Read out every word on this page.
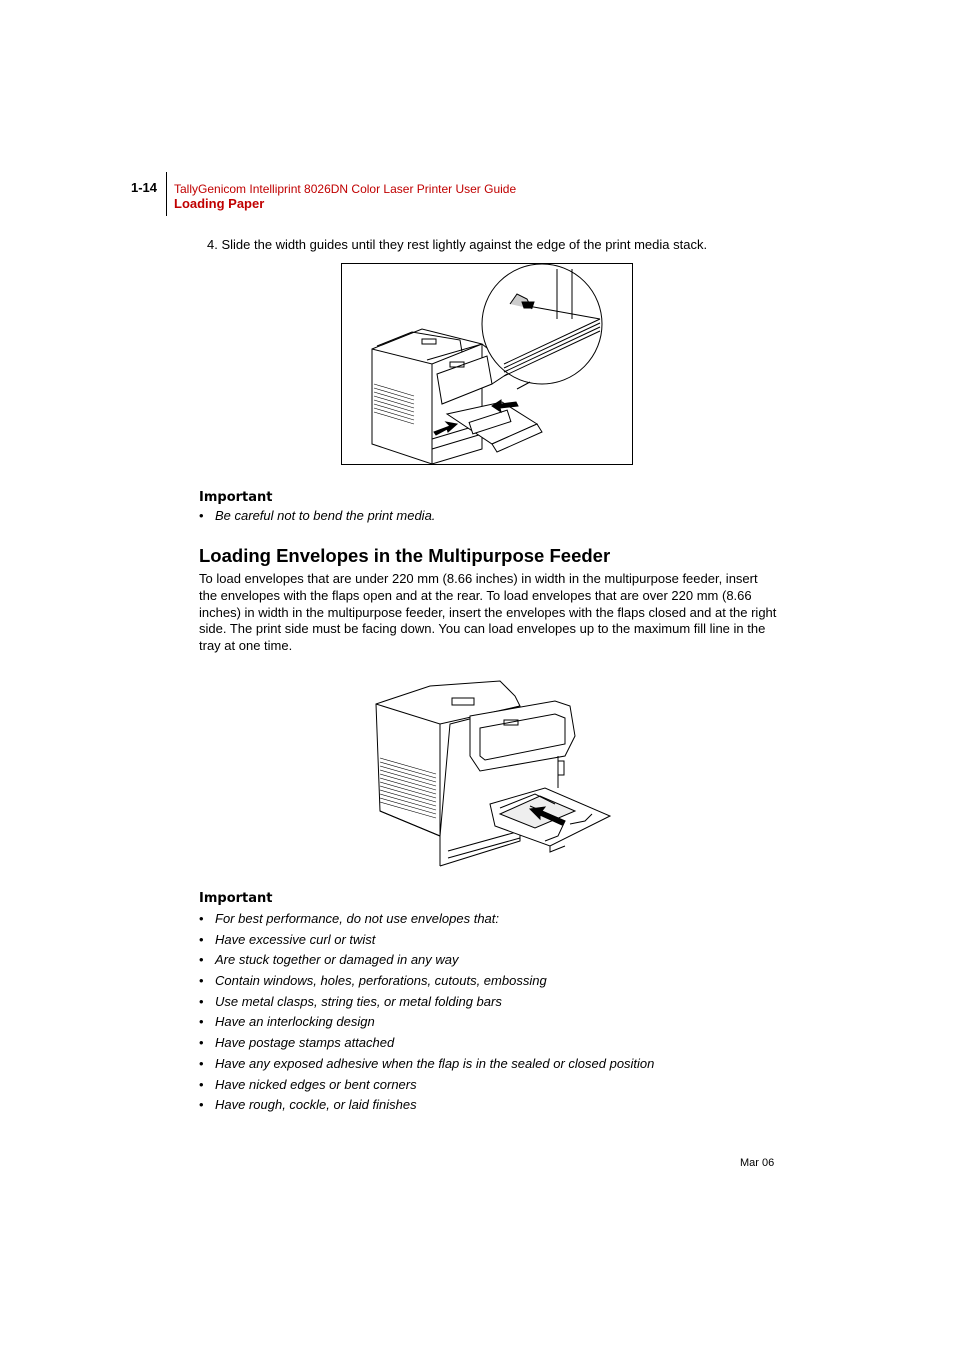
1-14 TallyGenicom Intelliprint 8026DN Color Laser Printer User Guide
Loading Paper
4. Slide the width guides until they rest lightly against the edge of the print media stack.
Important
• Be careful not to bend the print media.
Loading Envelopes in the Multipurpose Feeder
To load envelopes that are under 220 mm (8.66 inches) in width in the multipurpose feeder, insert the envelopes with the flaps open and at the rear. To load envelopes that are over 220 mm (8.66 inches) in width in the multipurpose feeder, insert the envelopes with the flaps closed and at the right side. The print side must be facing down. You can load envelopes up to the maximum fill line in the tray at one time.
Important
• For best performance, do not use envelopes that:
• Have excessive curl or twist
• Are stuck together or damaged in any way
• Contain windows, holes, perforations, cutouts, embossing
• Use metal clasps, string ties, or metal folding bars
• Have an interlocking design
• Have postage stamps attached
• Have any exposed adhesive when the flap is in the sealed or closed position
• Have nicked edges or bent corners
• Have rough, cockle, or laid finishes
Mar 06
